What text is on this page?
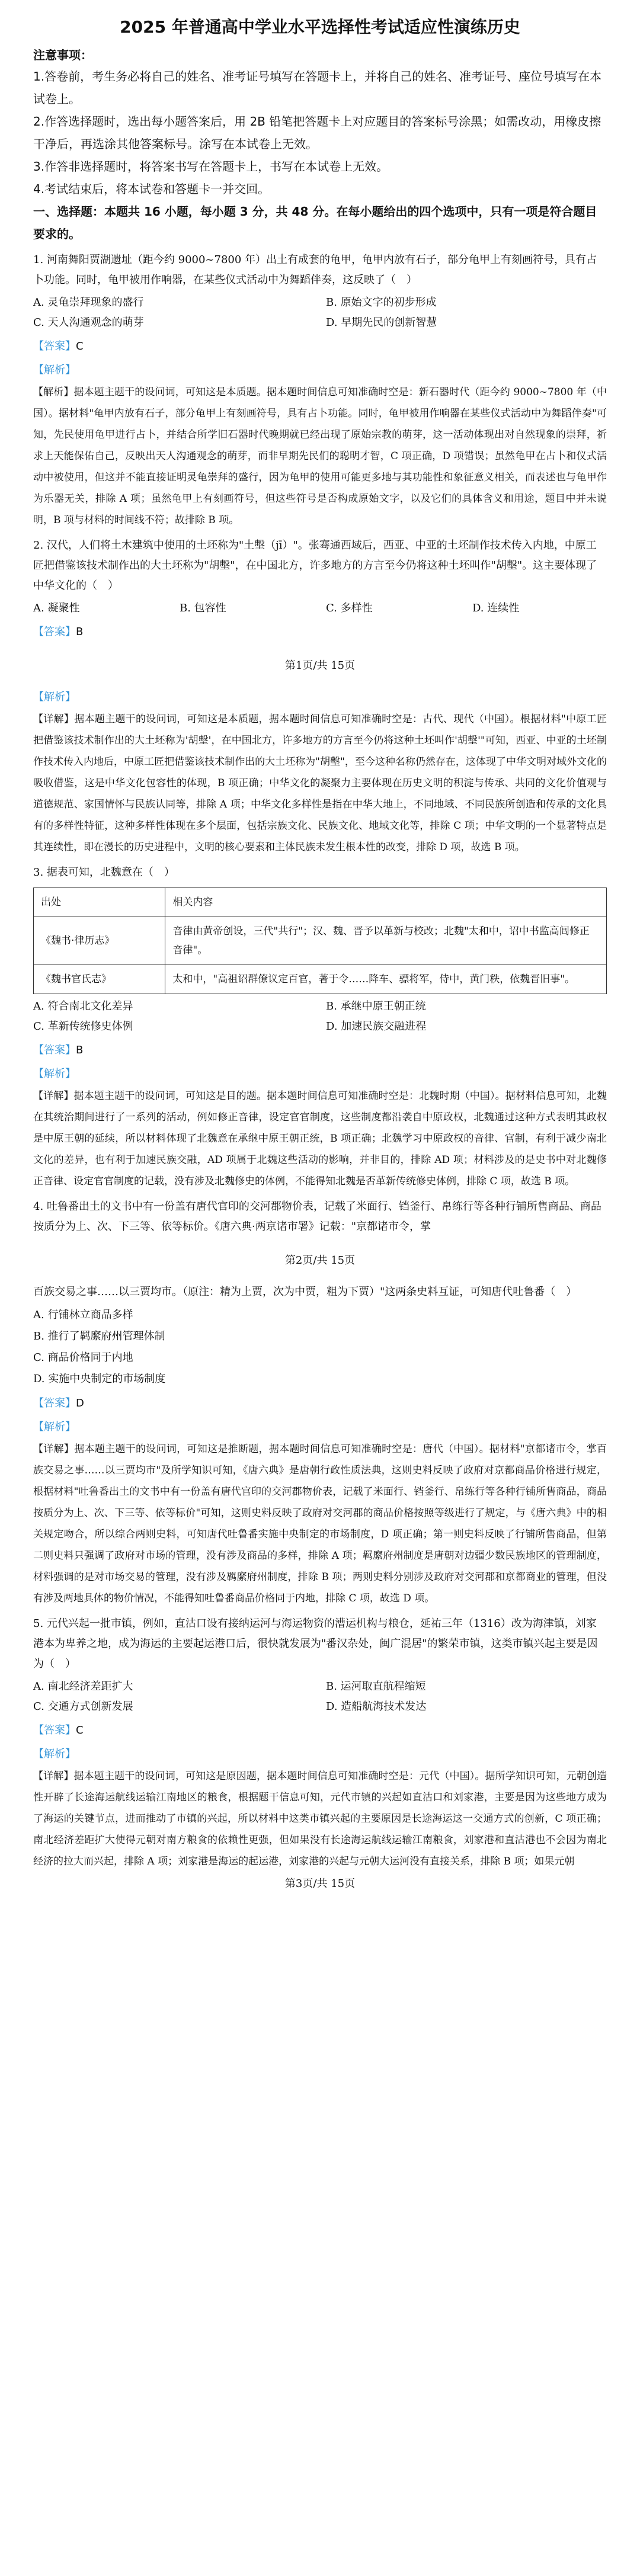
2025 年普通高中学业水平选择性考试适应性演练历史

注意事项：

1.答卷前，考生务必将自己的姓名、准考证号填写在答题卡上，并将自己的姓名、准考证号、座位号填写在本试卷上。

2.作答选择题时，选出每小题答案后，用 2B 铅笔把答题卡上对应题目的答案标号涂黑；如需改动，用橡皮擦干净后，再选涂其他答案标号。涂写在本试卷上无效。

3.作答非选择题时，将答案书写在答题卡上，书写在本试卷上无效。

4.考试结束后，将本试卷和答题卡一并交回。

一、选择题：本题共 16 小题，每小题 3 分，共 48 分。在每小题给出的四个选项中，只有一项是符合题目要求的。

1. 河南舞阳贾湖遗址（距今约 9000~7800 年）出土有成套的龟甲，龟甲内放有石子，部分龟甲上有刻画符号，具有占卜功能。同时，龟甲被用作响器，在某些仪式活动中为舞蹈伴奏，这反映了（　）

A. 灵龟崇拜现象的盛行	B. 原始文字的初步形成
C. 天人沟通观念的萌芽	D. 早期先民的创新智慧

【答案】C

【解析】

【解析】据本题主题干的设问词，可知这是本质题。据本题时间信息可知准确时空是：新石器时代（距今约 9000~7800 年（中国）。据材料"龟甲内放有石子，部分龟甲上有刻画符号，具有占卜功能。同时，龟甲被用作响器在某些仪式活动中为舞蹈伴奏"可知，先民使用龟甲进行占卜，并结合所学旧石器时代晚期就已经出现了原始宗教的萌芽，这一活动体现出对自然现象的崇拜，祈求上天能保佑自己，反映出天人沟通观念的萌芽，而非早期先民们的聪明才智，C 项正确，D 项错误；虽然龟甲在占卜和仪式活动中被使用，但这并不能直接证明灵龟崇拜的盛行，因为龟甲的使用可能更多地与其功能性和象征意义相关，而表述也与龟甲作为乐器无关，排除 A 项；虽然龟甲上有刻画符号，但这些符号是否构成原始文字，以及它们的具体含义和用途，题目中并未说明，B 项与材料的时间线不符；故排除 B 项。

2. 汉代，人们将土木建筑中使用的土坯称为"土墼（jī）"。张骞通西域后，西亚、中亚的土坯制作技术传入内地，中原工匠把借鉴该技术制作出的大土坯称为"胡墼"，在中国北方，许多地方的方言至今仍将这种土坯叫作"胡墼"。这主要体现了中华文化的（　）

A. 凝聚性	B. 包容性	C. 多样性	D. 连续性

【答案】B

第1页/共 15页

【解析】

【详解】据本题主题干的设问词，可知这是本质题，据本题时间信息可知准确时空是：古代、现代（中国）。根据材料"中原工匠把借鉴该技术制作出的大土坯称为'胡墼'，在中国北方，许多地方的方言至今仍将这种土坯叫作'胡墼'"可知，西亚、中亚的土坯制作技术传入内地后，中原工匠把借鉴该技术制作出的大土坯称为"胡墼"，至今这种名称仍然存在，这体现了中华文明对域外文化的吸收借鉴，这是中华文化包容性的体现，B 项正确；中华文化的凝聚力主要体现在历史文明的积淀与传承、共同的文化价值观与道德规范、家国情怀与民族认同等，排除 A 项；中华文化多样性是指在中华大地上，不同地域、不同民族所创造和传承的文化具有的多样性特征，这种多样性体现在多个层面，包括宗族文化、民族文化、地域文化等，排除 C 项；中华文明的一个显著特点是其连续性，即在漫长的历史进程中，文明的核心要素和主体民族未发生根本性的改变，排除 D 项，故选 B 项。

3. 据表可知，北魏意在（　）

出处	相关内容
《魏书·律历志》	音律由黄帝创设，三代"共行"；汉、魏、晋予以革新与校改；北魏"太和中，诏中书监高闾修正音律"。
《魏书官氏志》	太和中，"高祖诏群僚议定百官，著于令……降车、骠将军，侍中，黄门秩，依魏晋旧事"。
A. 符合南北文化差异	B. 承继中原王朝正统
C. 革新传统修史体例	D. 加速民族交融进程

【答案】B

【解析】

【详解】据本题主题干的设问词，可知这是目的题。据本题时间信息可知准确时空是：北魏时期（中国）。据材料信息可知，北魏在其统治期间进行了一系列的活动，例如修正音律，设定官官制度，这些制度都沿袭自中原政权，北魏通过这种方式表明其政权是中原王朝的延续，所以材料体现了北魏意在承继中原王朝正统，B 项正确；北魏学习中原政权的音律、官制，有利于减少南北文化的差异，也有利于加速民族交融，AD 项属于北魏这些活动的影响，并非目的，排除 AD 项；材料涉及的是史书中对北魏修正音律、设定官官制度的记载，没有涉及北魏修史的体例，不能得知北魏是否革新传统修史体例，排除 C 项，故选 B 项。

4. 吐鲁番出土的文书中有一份盖有唐代官印的交河郡物价表，记载了米面行、铛釜行、帛练行等各种行铺所售商品、商品按质分为上、次、下三等、依等标价。《唐六典·两京诸市署》记载："京都诸市令，掌

第2页/共 15页

百族交易之事……以三贾均市。（原注：精为上贾，次为中贾，粗为下贾）"这两条史料互证，可知唐代吐鲁番（　）

A. 行铺林立商品多样
B. 推行了羁縻府州管理体制
C. 商品价格同于内地
D. 实施中央制定的市场制度

【答案】D

【解析】

【详解】据本题主题干的设问词，可知这是推断题，据本题时间信息可知准确时空是：唐代（中国）。据材料"京都诸市令，掌百族交易之事……以三贾均市"及所学知识可知，《唐六典》是唐朝行政性质法典，这则史料反映了政府对京都商品价格进行规定，根据材料"吐鲁番出土的文书中有一份盖有唐代官印的交河郡物价表，记载了米面行、铛釜行、帛练行等各种行铺所售商品，商品按质分为上、次、下三等、依等标价"可知，这则史料反映了政府对交河郡的商品价格按照等级进行了规定，与《唐六典》中的相关规定吻合，所以综合两则史料，可知唐代吐鲁番实施中央制定的市场制度，D 项正确；第一则史料反映了行铺所售商品，但第二则史料只强调了政府对市场的管理，没有涉及商品的多样，排除 A 项；羁縻府州制度是唐朝对边疆少数民族地区的管理制度，材料强调的是对市场交易的管理，没有涉及羁縻府州制度，排除 B 项；两则史料分别涉及政府对交河郡和京都商业的管理，但没有涉及两地具体的物价情况，不能得知吐鲁番商品价格同于内地，排除 C 项，故选 D 项。

5. 元代兴起一批市镇，例如，直沽口设有接纳运河与海运物资的漕运机构与粮仓，延祐三年（1316）改为海津镇，刘家港本为卑养之地，成为海运的主要起运港口后，很快就发展为"番汉杂处，闽广混居"的繁荣市镇，这类市镇兴起主要是因为（　）

A. 南北经济差距扩大	B. 运河取直航程缩短
C. 交通方式创新发展	D. 造船航海技术发达

【答案】C

【解析】

【详解】据本题主题干的设问词，可知这是原因题，据本题时间信息可知准确时空是：元代（中国）。据所学知识可知，元朝创造性开辟了长途海运航线运输江南地区的粮食，根据题干信息可知，元代市镇的兴起如直沽口和刘家港，主要是因为这些地方成为了海运的关键节点，进而推动了市镇的兴起，所以材料中这类市镇兴起的主要原因是长途海运这一交通方式的创新，C 项正确；南北经济差距扩大使得元朝对南方粮食的依赖性更强，但如果没有长途海运航线运输江南粮食，刘家港和直沽港也不会因为南北经济的拉大而兴起，排除 A 项；刘家港是海运的起运港，刘家港的兴起与元朝大运河没有直接关系，排除 B 项；如果元朝

第3页/共 15页
